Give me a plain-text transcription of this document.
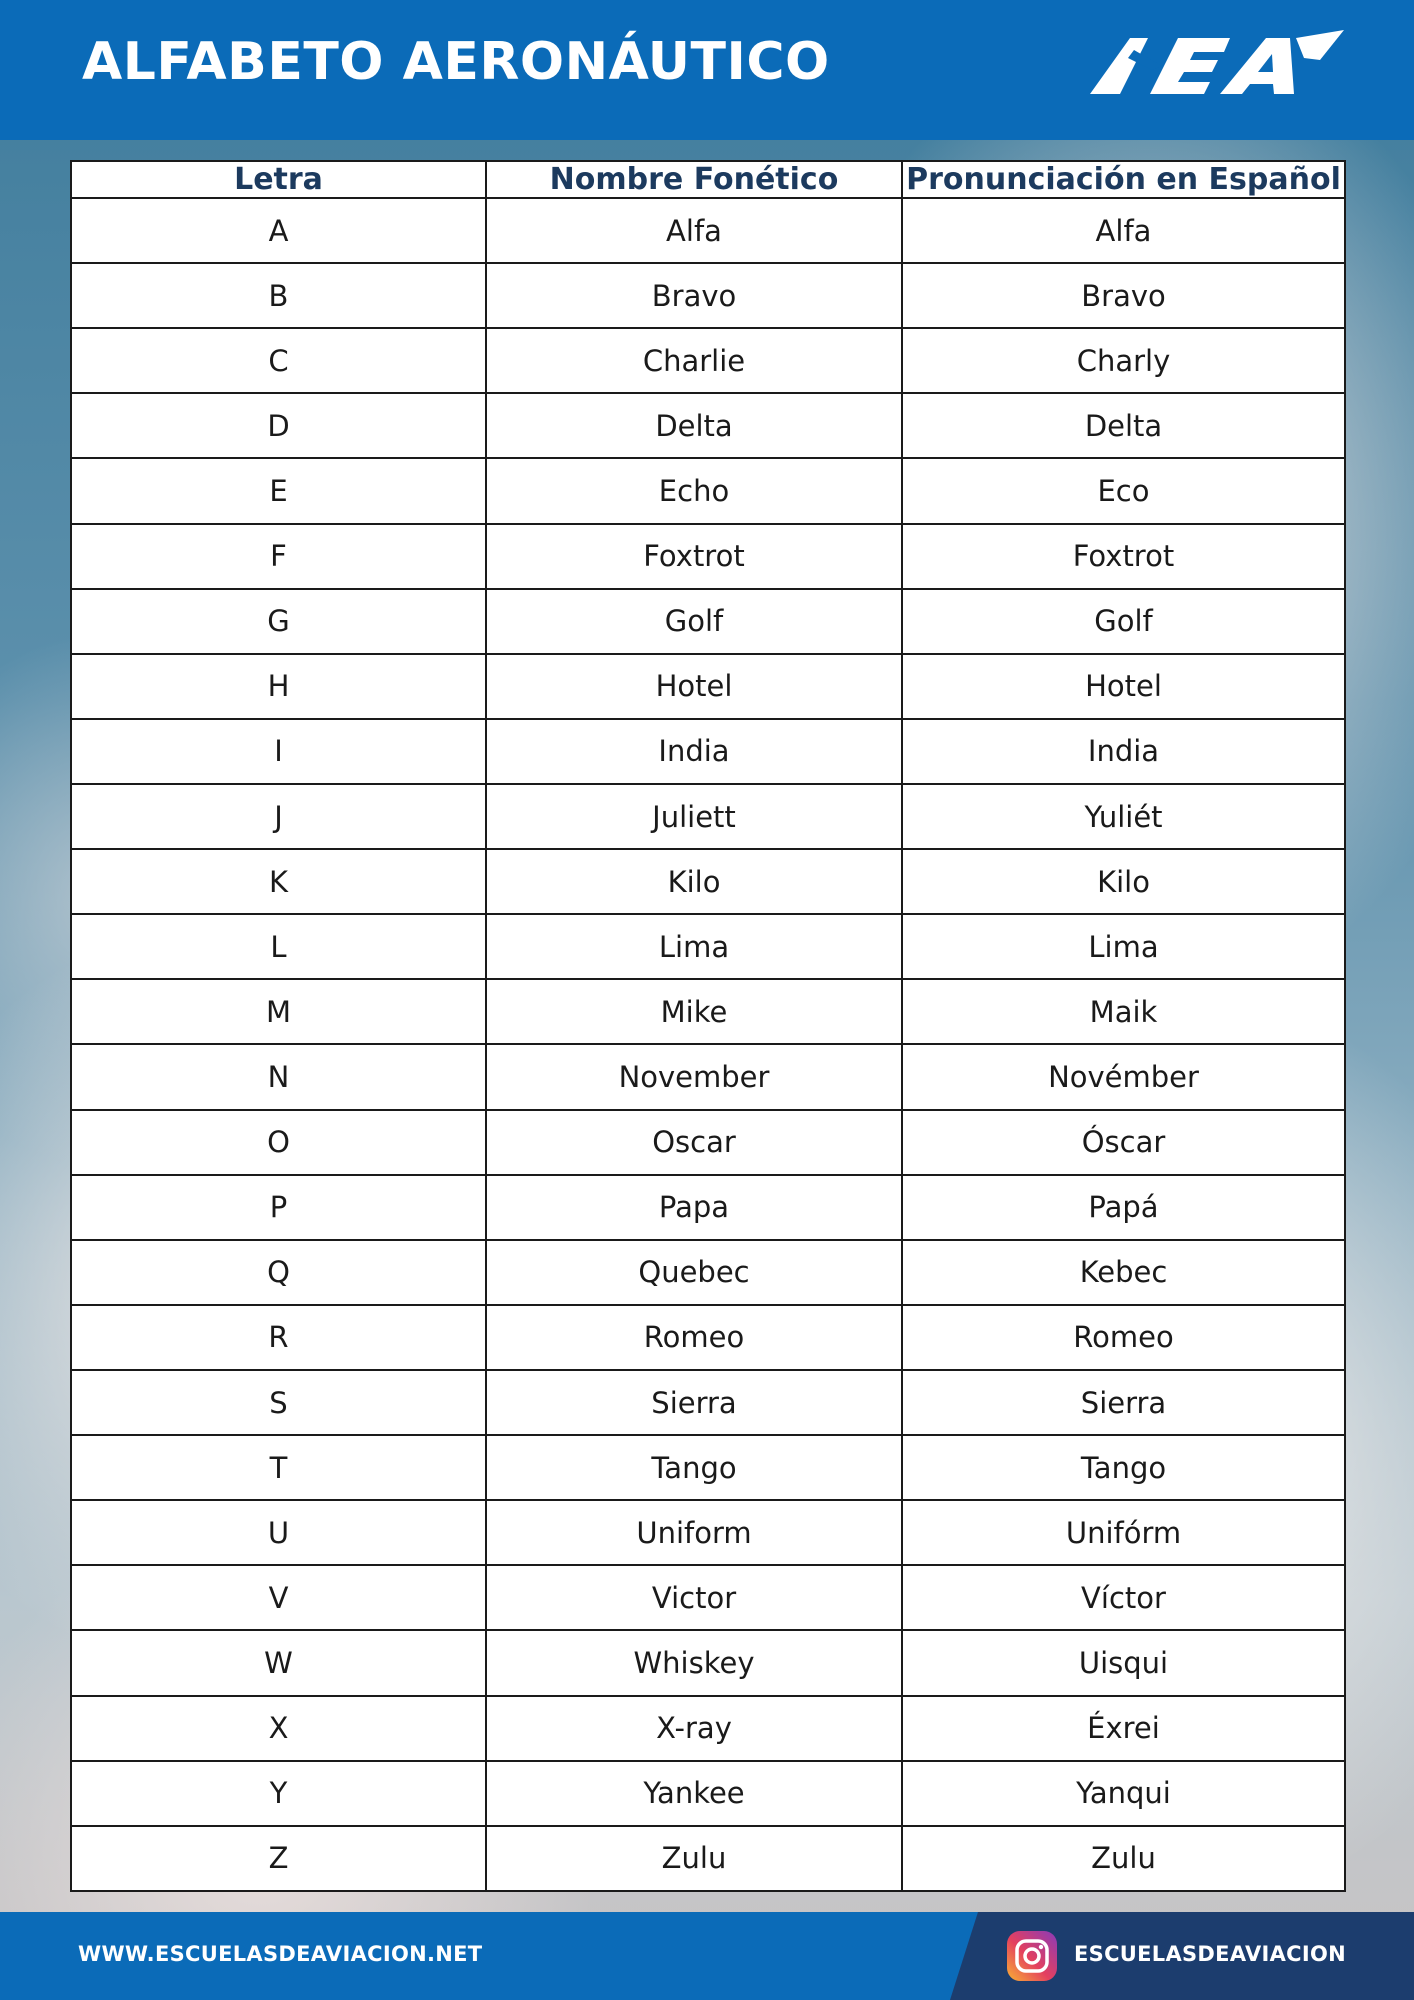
ALFABETO AERONÁUTICO
Letra	Nombre Fonético	Pronunciación en Español
A	Alfa	Alfa
B	Bravo	Bravo
C	Charlie	Charly
D	Delta	Delta
E	Echo	Eco
F	Foxtrot	Foxtrot
G	Golf	Golf
H	Hotel	Hotel
I	India	India
J	Juliett	Yuliét
K	Kilo	Kilo
L	Lima	Lima
M	Mike	Maik
N	November	Novémber
O	Oscar	Óscar
P	Papa	Papá
Q	Quebec	Kebec
R	Romeo	Romeo
S	Sierra	Sierra
T	Tango	Tango
U	Uniform	Unifórm
V	Victor	Víctor
W	Whiskey	Uisqui
X	X-ray	Éxrei
Y	Yankee	Yanqui
Z	Zulu	Zulu
WWW.ESCUELASDEAVIACION.NET	ESCUELASDEAVIACION
